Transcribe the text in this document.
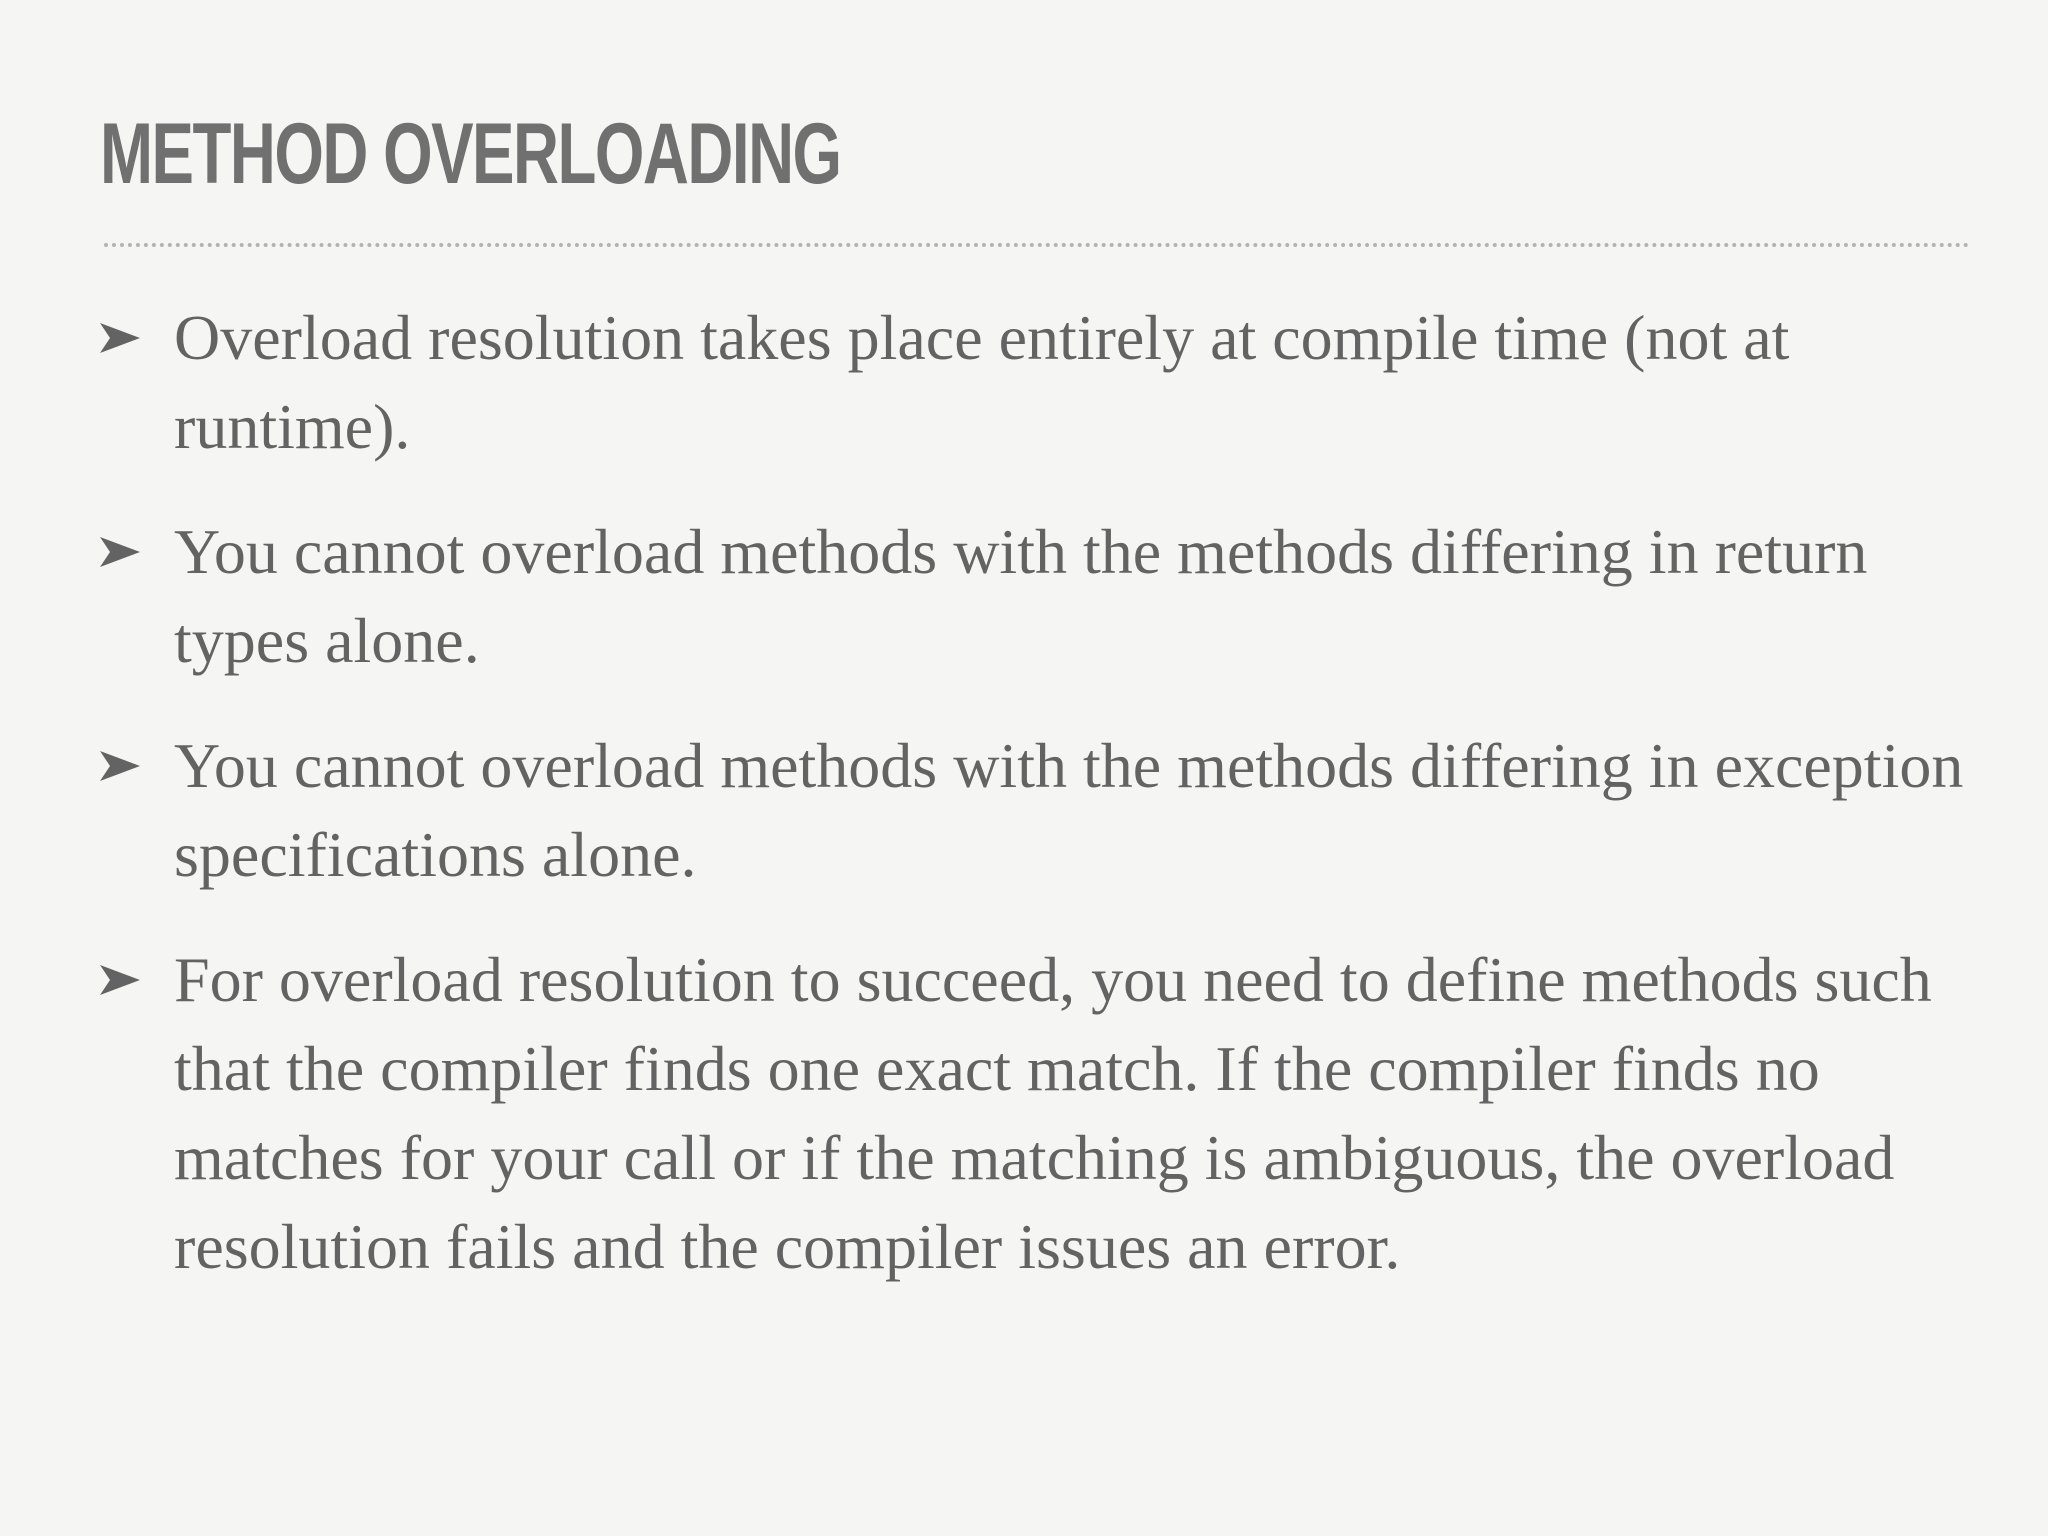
METHOD OVERLOADING
Overload resolution takes place entirely at compile time (not at runtime).
You cannot overload methods with the methods differing in return types alone.
You cannot overload methods with the methods differing in exception specifications alone.
For overload resolution to succeed, you need to define methods such that the compiler finds one exact match. If the compiler finds no matches for your call or if the matching is ambiguous, the overload resolution fails and the compiler issues an error.
